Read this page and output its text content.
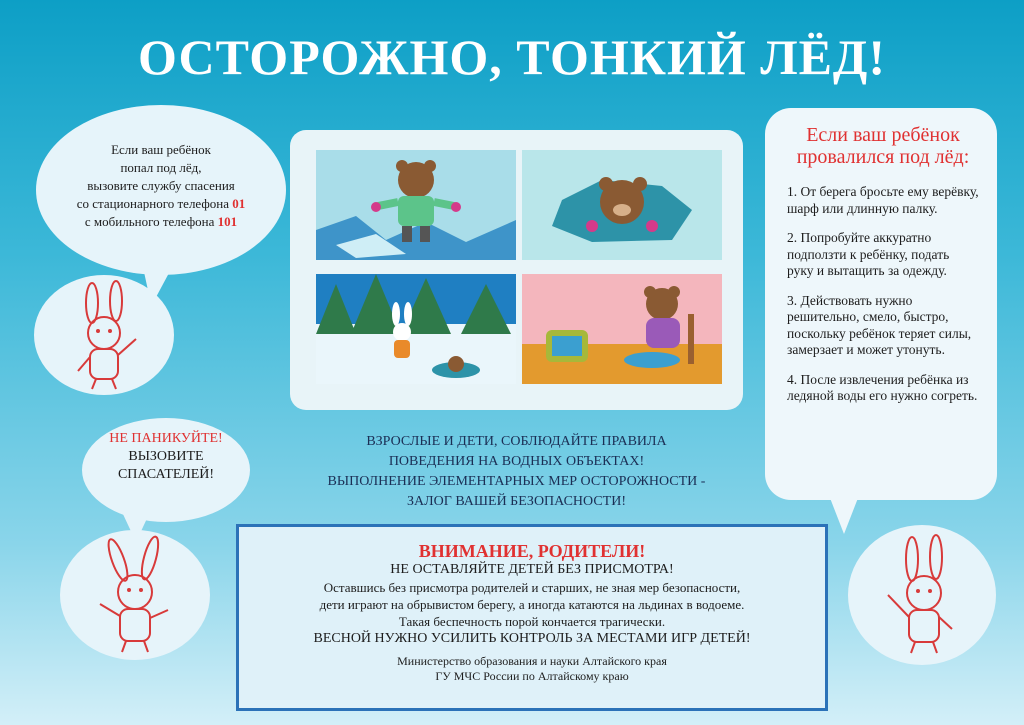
ОСТОРОЖНО, ТОНКИЙ ЛЁД!
Если ваш ребёнок
попал под лёд,
вызовите службу спасения
со стационарного телефона 01
с мобильного телефона 101
НЕ ПАНИКУЙТЕ!
ВЫЗОВИТЕ
СПАСАТЕЛЕЙ!
ВЗРОСЛЫЕ И ДЕТИ, СОБЛЮДАЙТЕ ПРАВИЛА
ПОВЕДЕНИЯ НА ВОДНЫХ ОБЪЕКТАХ!
ВЫПОЛНЕНИЕ ЭЛЕМЕНТАРНЫХ МЕР ОСТОРОЖНОСТИ -
ЗАЛОГ ВАШЕЙ БЕЗОПАСНОСТИ!
Если ваш ребёнок
провалился под лёд:

1. От берега бросьте ему верёвку, шарф или длинную палку.

2. Попробуйте аккуратно подползти к ребёнку, подать руку и вытащить за одежду.

3. Действовать нужно решительно, смело, быстро, поскольку ребёнок теряет силы, замерзает и может утонуть.

4. После извлечения ребёнка из ледяной воды его нужно согреть.

ВНИМАНИЕ, РОДИТЕЛИ!
НЕ ОСТАВЛЯЙТЕ ДЕТЕЙ БЕЗ ПРИСМОТРА!
Оставшись без присмотра родителей и старших, не зная мер безопасности,
дети играют на обрывистом берегу, а иногда катаются на льдинах в водоеме.
Такая беспечность порой кончается трагически.
ВЕСНОЙ НУЖНО УСИЛИТЬ КОНТРОЛЬ ЗА МЕСТАМИ ИГР ДЕТЕЙ!
Министерство образования и науки Алтайского края
ГУ МЧС России по Алтайскому краю
